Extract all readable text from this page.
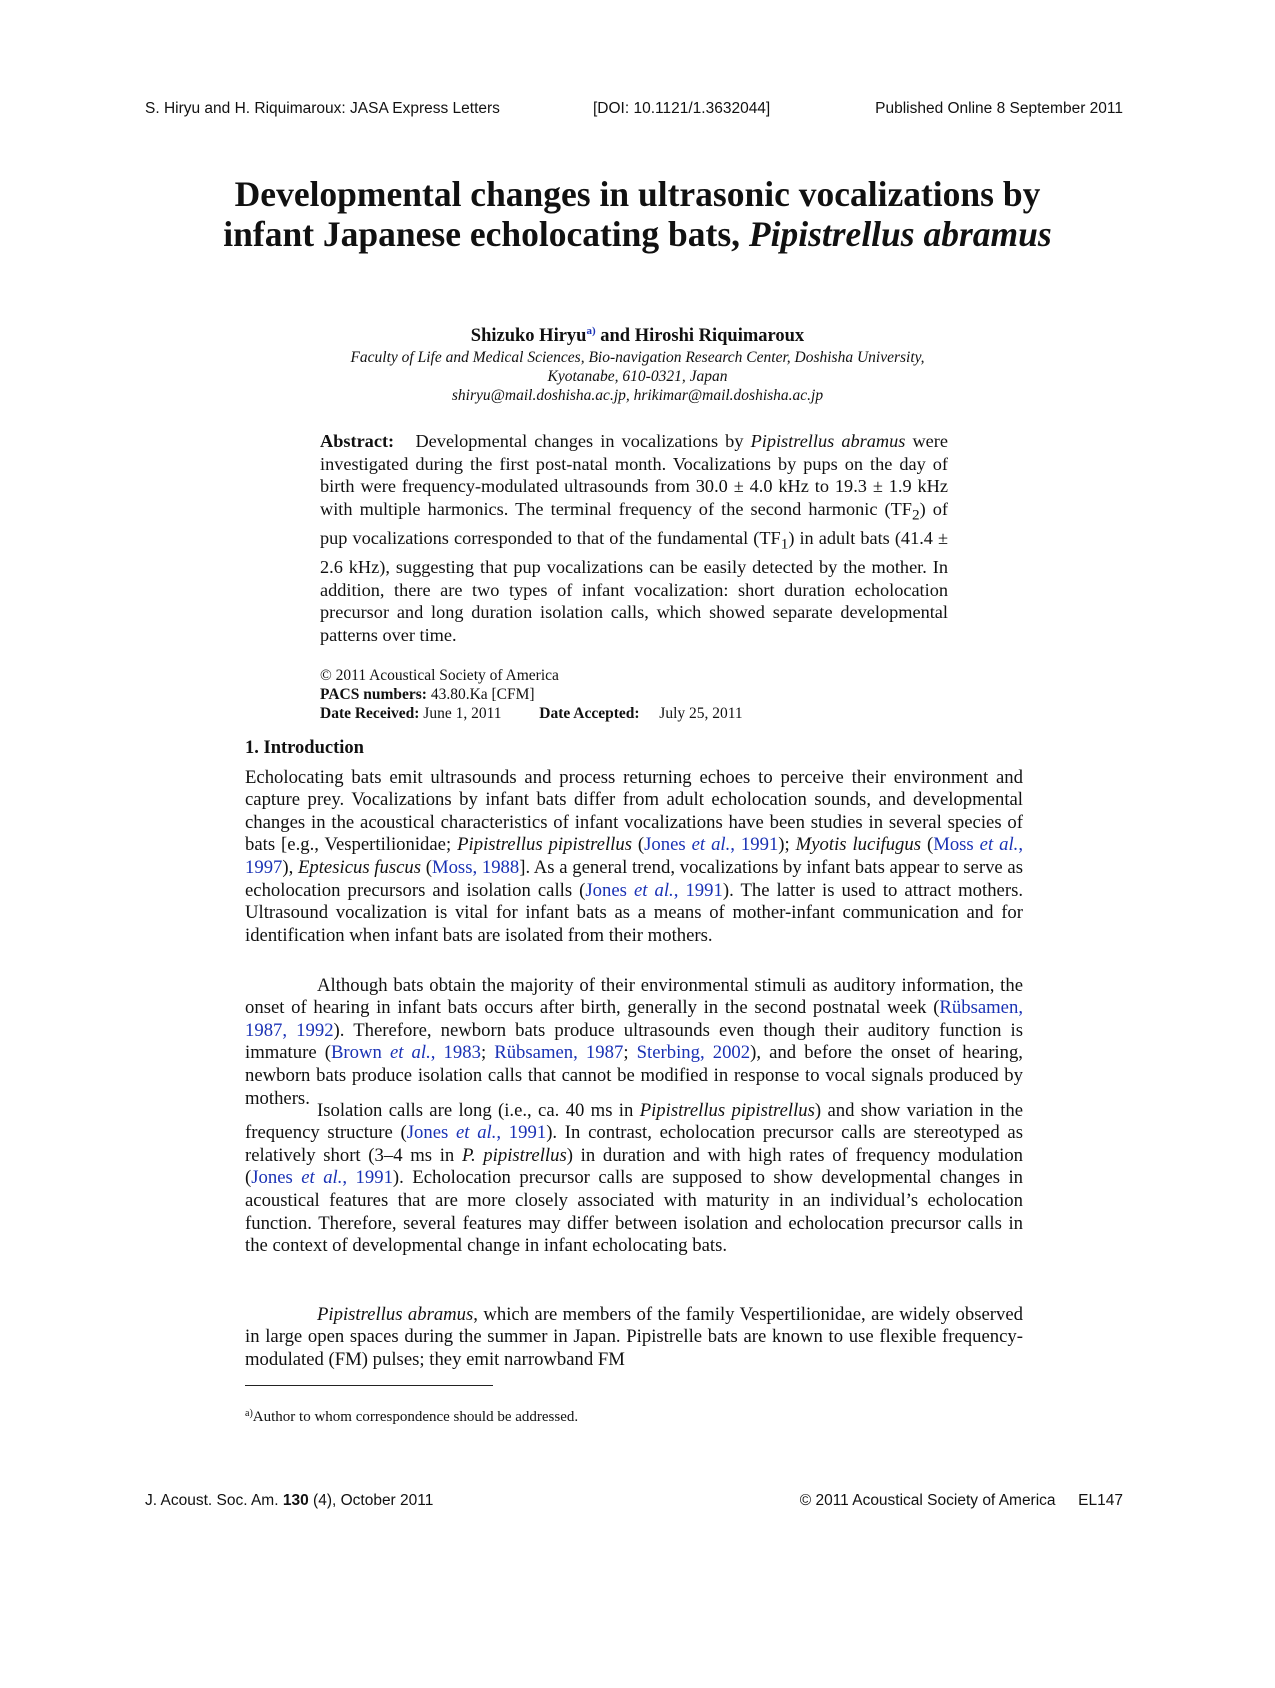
S. Hiryu and H. Riquimaroux: JASA Express Letters	[DOI: 10.1121/1.3632044]	Published Online 8 September 2011
Developmental changes in ultrasonic vocalizations by infant Japanese echolocating bats, Pipistrellus abramus
Shizuko Hiryu$^{a)}$ and Hiroshi Riquimaroux
Faculty of Life and Medical Sciences, Bio-navigation Research Center, Doshisha University,
Kyotanabe, 610-0321, Japan
shiryu@mail.doshisha.ac.jp, hrikimar@mail.doshisha.ac.jp
Abstract: Developmental changes in vocalizations by Pipistrellus abramus were investigated during the first post-natal month. Vocalizations by pups on the day of birth were frequency-modulated ultrasounds from 30.0 ± 4.0 kHz to 19.3 ± 1.9 kHz with multiple harmonics. The terminal frequency of the second harmonic $(TF_2)$ of pup vocalizations corresponded to that of the fundamental $(TF_1)$ in adult bats (41.4 ± 2.6 kHz), suggesting that pup vocalizations can be easily detected by the mother. In addition, there are two types of infant vocalization: short duration echolocation precursor and long duration isolation calls, which showed separate developmental patterns over time.
© 2011 Acoustical Society of America
PACS numbers: 43.80.Ka [CFM]
Date Received: June 1, 2011 Date Accepted: July 25, 2011
1. Introduction

Echolocating bats emit ultrasounds and process returning echoes to perceive their environment and capture prey. Vocalizations by infant bats differ from adult echolocation sounds, and developmental changes in the acoustical characteristics of infant vocalizations have been studies in several species of bats [e.g., Vespertilionidae; Pipistrellus pipistrellus (Jones et al., 1991); Myotis lucifugus (Moss et al., 1997), Eptesicus fuscus (Moss, 1988]. As a general trend, vocalizations by infant bats appear to serve as echolocation precursors and isolation calls (Jones et al., 1991). The latter is used to attract mothers. Ultrasound vocalization is vital for infant bats as a means of mother-infant communication and for identification when infant bats are isolated from their mothers.

Although bats obtain the majority of their environmental stimuli as auditory information, the onset of hearing in infant bats occurs after birth, generally in the second postnatal week (Rübsamen, 1987, 1992). Therefore, newborn bats produce ultrasounds even though their auditory function is immature (Brown et al., 1983; Rübsamen, 1987; Sterbing, 2002), and before the onset of hearing, newborn bats produce isolation calls that cannot be modified in response to vocal signals produced by mothers.

Isolation calls are long (i.e., ca. 40 ms in Pipistrellus pipistrellus) and show variation in the frequency structure (Jones et al., 1991). In contrast, echolocation precursor calls are stereotyped as relatively short (3–4 ms in P. pipistrellus) in duration and with high rates of frequency modulation (Jones et al., 1991). Echolocation precursor calls are supposed to show developmental changes in acoustical features that are more closely associated with maturity in an individual’s echolocation function. Therefore, several features may differ between isolation and echolocation precursor calls in the context of developmental change in infant echolocating bats.

Pipistrellus abramus, which are members of the family Vespertilionidae, are widely observed in large open spaces during the summer in Japan. Pipistrelle bats are known to use flexible frequency-modulated (FM) pulses; they emit narrowband FM

$^{a)}$Author to whom correspondence should be addressed.
J. Acoust. Soc. Am. 130 (4), October 2011	© 2011 Acoustical Society of America EL147
